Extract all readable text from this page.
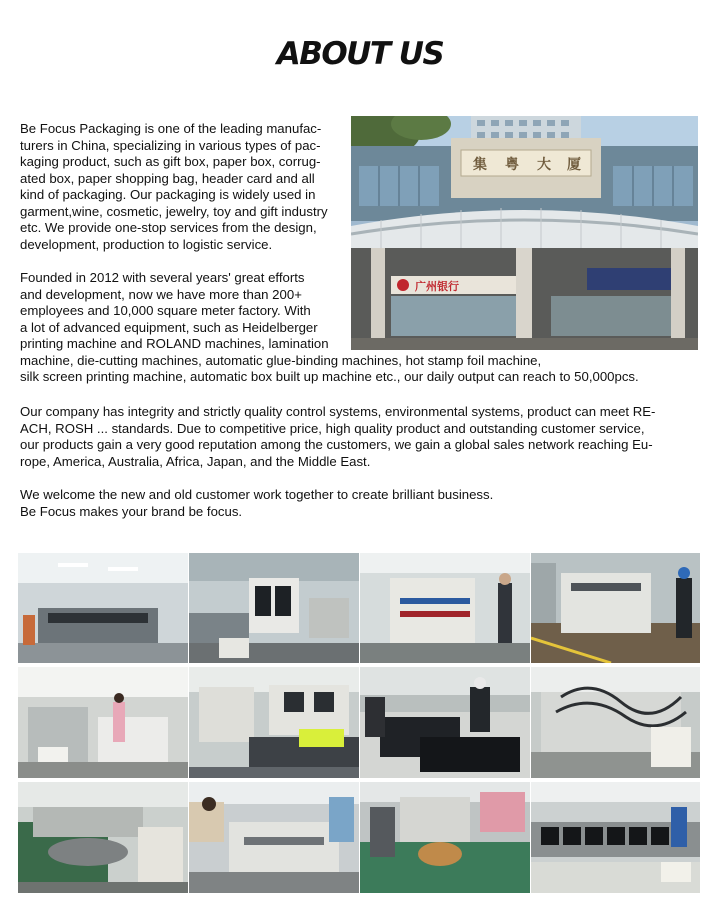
ABOUT US

Be Focus Packaging is one of the leading manufac-
turers in China, specializing in various types of pac-
kaging product, such as gift box, paper box, corrug-
ated box, paper shopping bag, header card and all
kind of packaging. Our packaging is widely used in
garment,wine, cosmetic, jewelry, toy and gift industry
etc. We provide one-stop services from the design,
development, production to logistic service.

Founded in 2012 with several years' great efforts
and development, now we have more than 200+
employees and 10,000 square meter factory. With
a lot of advanced equipment, such as Heidelberger
printing machine and ROLAND machines, lamination
machine, die-cutting machines, automatic glue-binding machines, hot stamp foil machine,
silk screen printing machine, automatic box built up machine etc., our daily output can reach to 50,000pcs.

Our company has integrity and strictly quality control systems, environmental systems, product can meet RE-
ACH, ROSH ... standards. Due to competitive price, high quality product and outstanding customer service,
our products gain a very good reputation among the customers, we gain a global sales network reaching Eu-
rope, America, Australia, Africa, Japan, and the Middle East.

We welcome the new and old customer work together to create brilliant business.
Be Focus makes your brand be focus.

集 粤 大 厦
广州银行
